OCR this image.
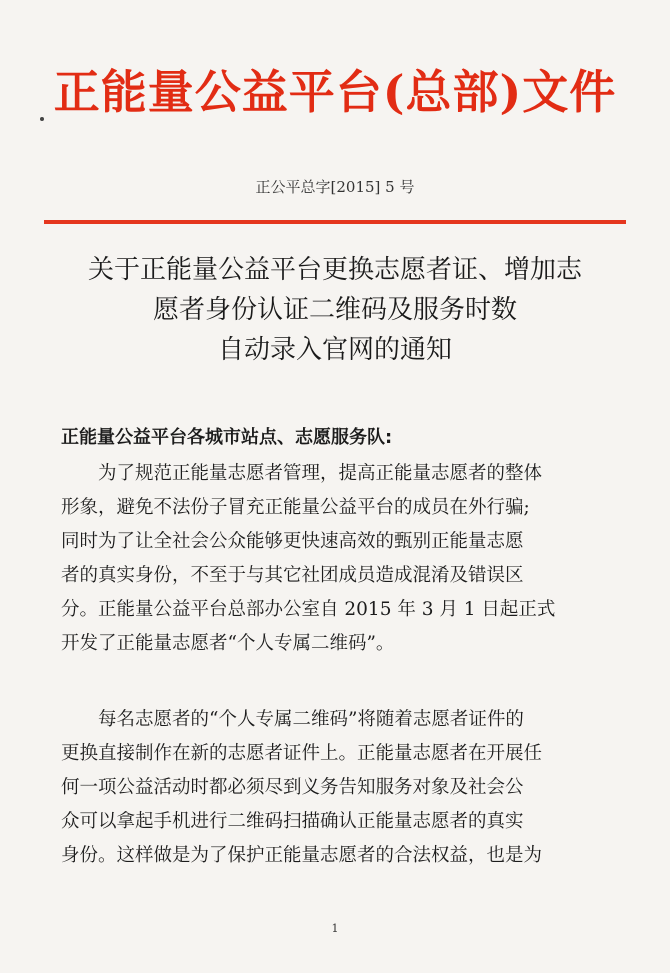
正能量公益平台(总部)文件
正公平总字[2015] 5 号
关于正能量公益平台更换志愿者证、增加志
愿者身份认证二维码及服务时数
自动录入官网的通知
正能量公益平台各城市站点、志愿服务队:
为了规范正能量志愿者管理，提高正能量志愿者的整体
形象，避免不法份子冒充正能量公益平台的成员在外行骗;
同时为了让全社会公众能够更快速高效的甄别正能量志愿
者的真实身份，不至于与其它社团成员造成混淆及错误区
分。正能量公益平台总部办公室自 2015 年 3 月 1 日起正式
开发了正能量志愿者“个人专属二维码”。
每名志愿者的“个人专属二维码”将随着志愿者证件的
更换直接制作在新的志愿者证件上。正能量志愿者在开展任
何一项公益活动时都必须尽到义务告知服务对象及社会公
众可以拿起手机进行二维码扫描确认正能量志愿者的真实
身份。这样做是为了保护正能量志愿者的合法权益，也是为
1
